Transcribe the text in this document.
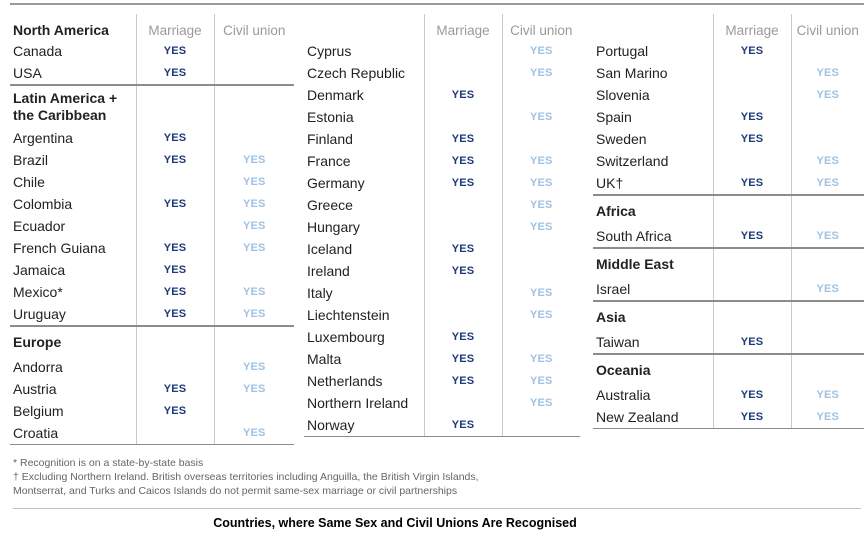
North America	Marriage	Civil union
Canada	YES	
USA	YES	
Latin America + the Caribbean		
Argentina	YES	
Brazil	YES	YES
Chile		YES
Colombia	YES	YES
Ecuador		YES
French Guiana	YES	YES
Jamaica	YES	
Mexico*	YES	YES
Uruguay	YES	YES
Europe		
Andorra		YES
Austria	YES	YES
Belgium	YES	
Croatia		YES
	Marriage	Civil union
Cyprus		YES
Czech Republic		YES
Denmark	YES	
Estonia		YES
Finland	YES	
France	YES	YES
Germany	YES	YES
Greece		YES
Hungary		YES
Iceland	YES	
Ireland	YES	
Italy		YES
Liechtenstein		YES
Luxembourg	YES	
Malta	YES	YES
Netherlands	YES	YES
Northern Ireland		YES
Norway	YES	
	Marriage	Civil union
Portugal	YES	
San Marino		YES
Slovenia		YES
Spain	YES	
Sweden	YES	
Switzerland		YES
UK†	YES	YES
Africa		
South Africa	YES	YES
Middle East		
Israel		YES
Asia		
Taiwan	YES	
Oceania		
Australia	YES	YES
New Zealand	YES	YES
* Recognition is on a state-by-state basis
† Excluding Northern Ireland. British overseas territories including Anguilla, the British Virgin Islands,
Montserrat, and Turks and Caicos Islands do not permit same-sex marriage or civil partnerships
Countries, where Same Sex and Civil Unions Are Recognised
